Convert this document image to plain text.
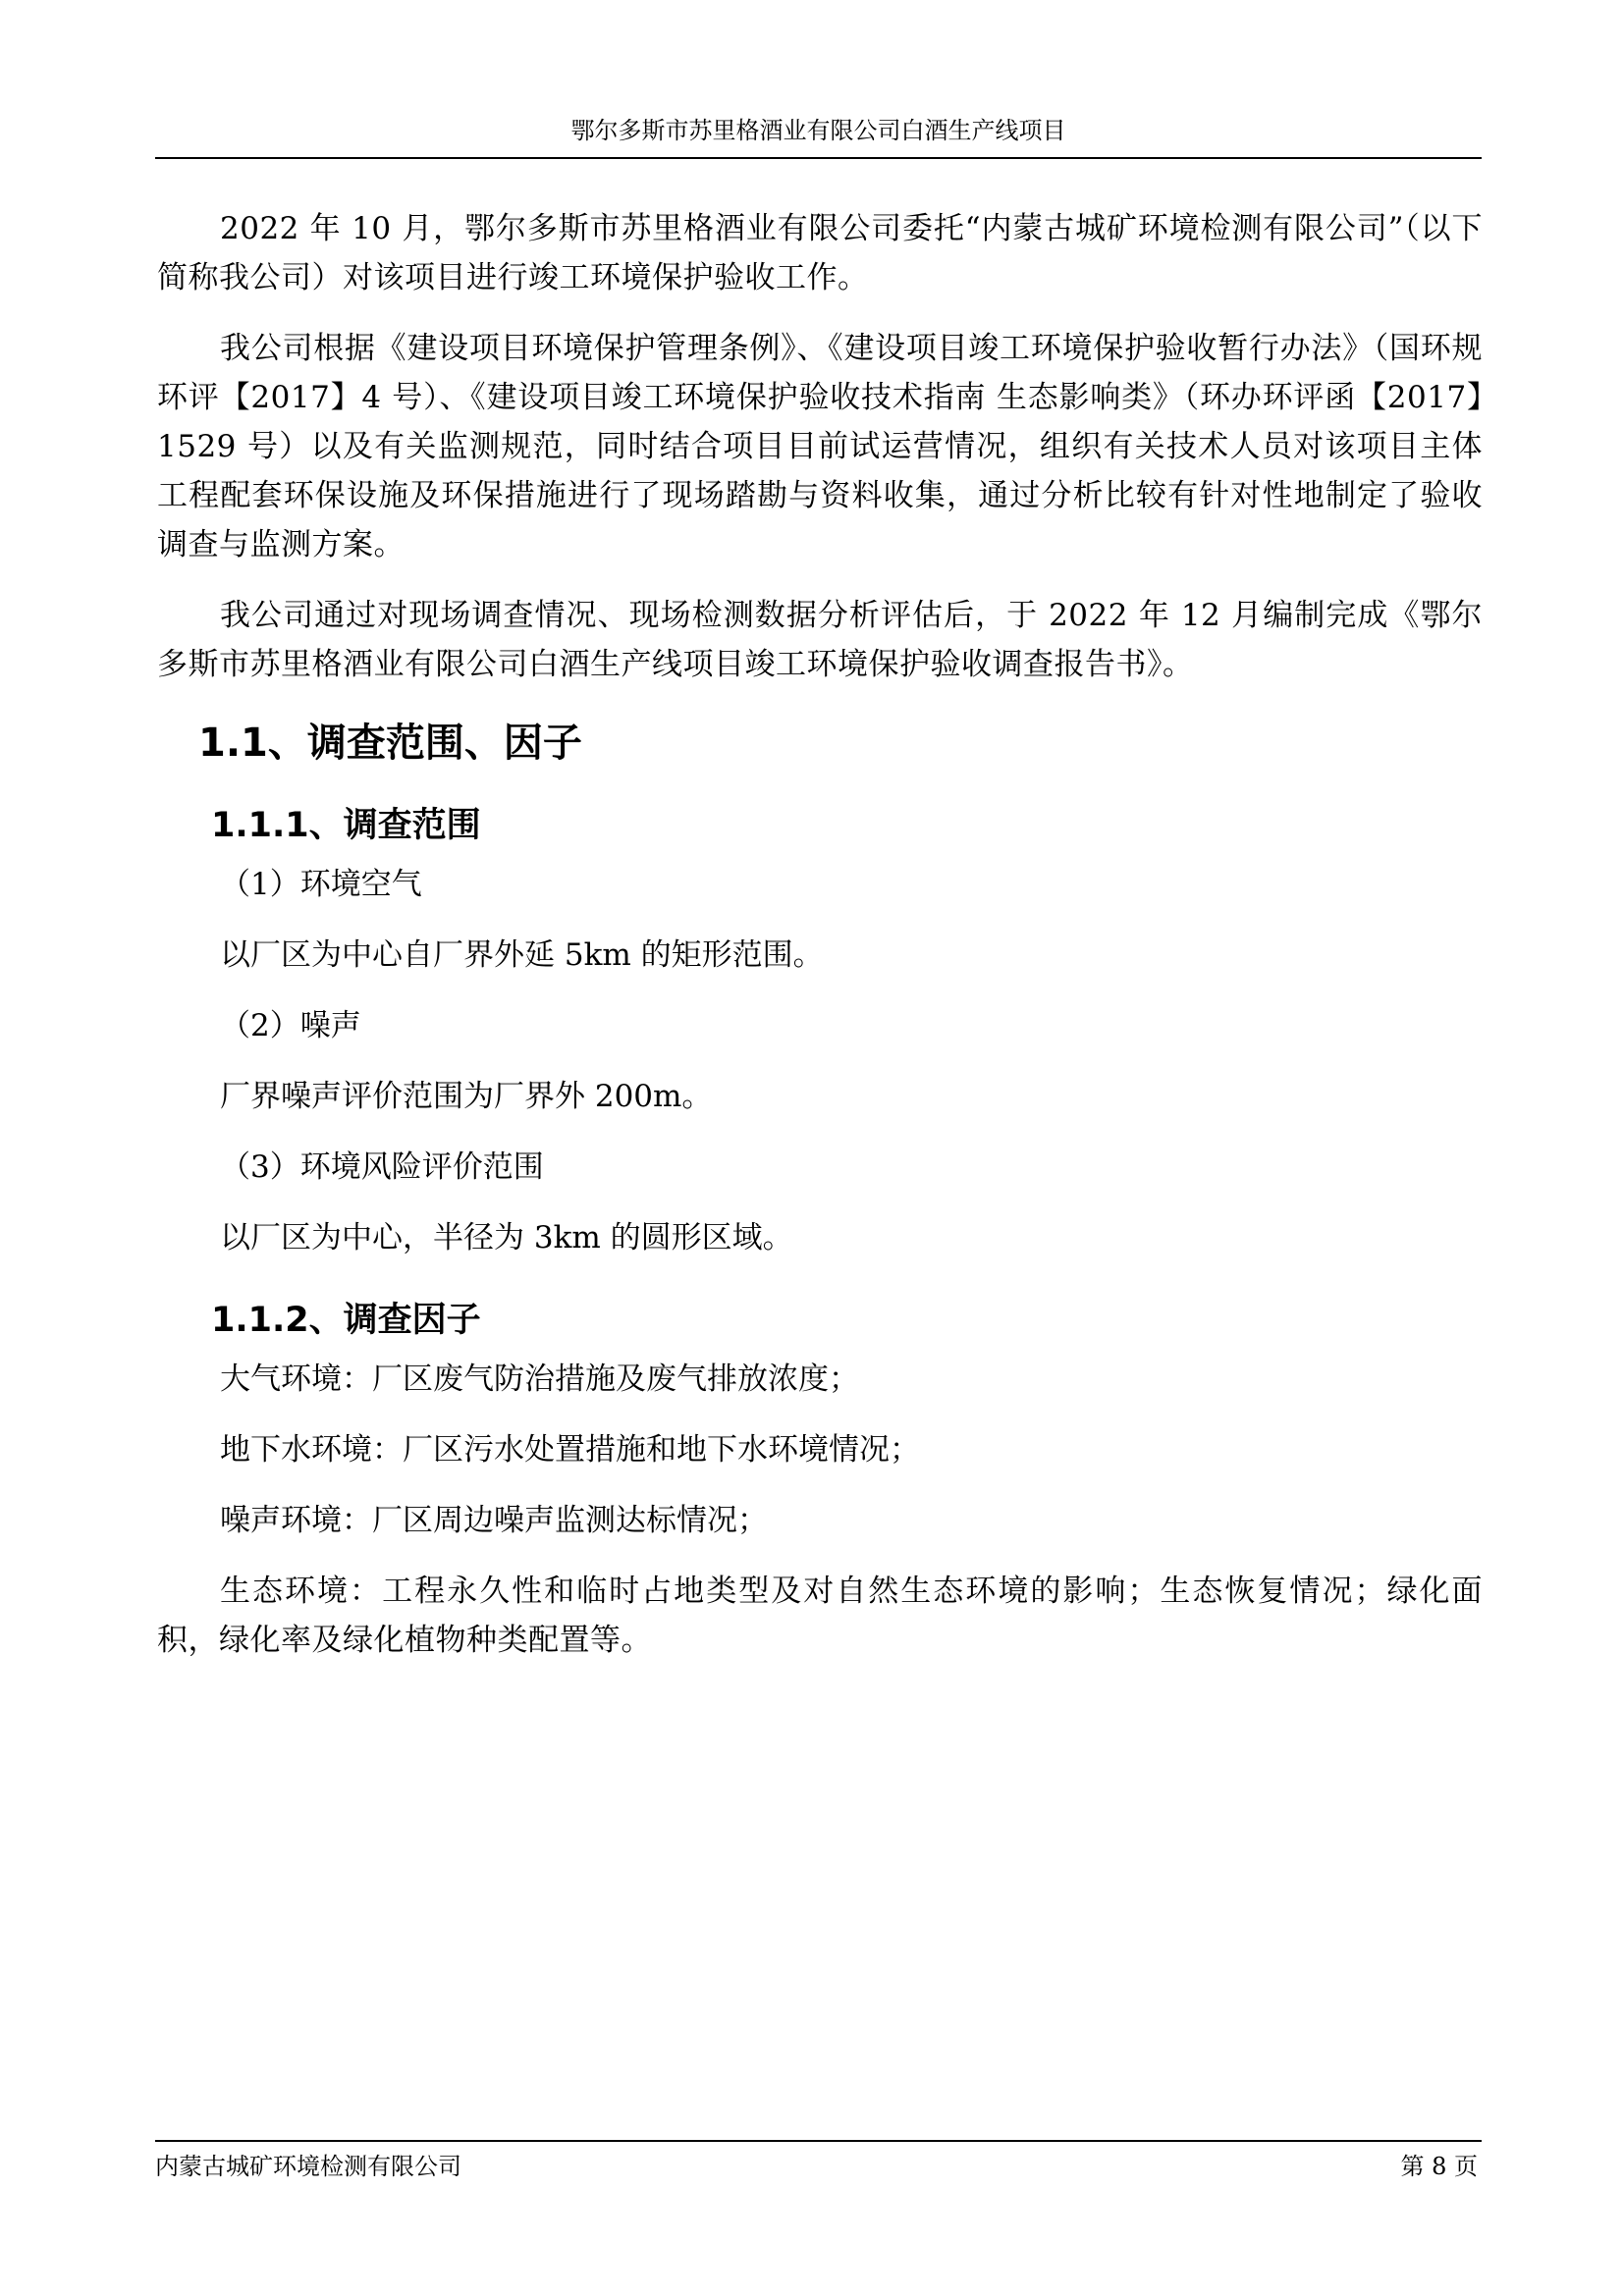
鄂尔多斯市苏里格酒业有限公司白酒生产线项目

2022 年 10 月，鄂尔多斯市苏里格酒业有限公司委托“内蒙古城矿环境检测有限公司”（以下简称我公司）对该项目进行竣工环境保护验收工作。

我公司根据《建设项目环境保护管理条例》、《建设项目竣工环境保护验收暂行办法》（国环规环评【2017】4 号）、《建设项目竣工环境保护验收技术指南 生态影响类》（环办环评函【2017】1529 号）以及有关监测规范，同时结合项目目前试运营情况，组织有关技术人员对该项目主体工程配套环保设施及环保措施进行了现场踏勘与资料收集，通过分析比较有针对性地制定了验收调查与监测方案。

我公司通过对现场调查情况、现场检测数据分析评估后，于 2022 年 12 月编制完成《鄂尔多斯市苏里格酒业有限公司白酒生产线项目竣工环境保护验收调查报告书》。

1.1、调查范围、因子
1.1.1、调查范围
（1）环境空气
以厂区为中心自厂界外延 5km 的矩形范围。
（2）噪声
厂界噪声评价范围为厂界外 200m。
（3）环境风险评价范围
以厂区为中心，半径为 3km 的圆形区域。
1.1.2、调查因子
大气环境：厂区废气防治措施及废气排放浓度；
地下水环境：厂区污水处置措施和地下水环境情况；
噪声环境：厂区周边噪声监测达标情况；

生态环境：工程永久性和临时占地类型及对自然生态环境的影响；生态恢复情况；绿化面积，绿化率及绿化植物种类配置等。

内蒙古城矿环境检测有限公司	第 8 页
